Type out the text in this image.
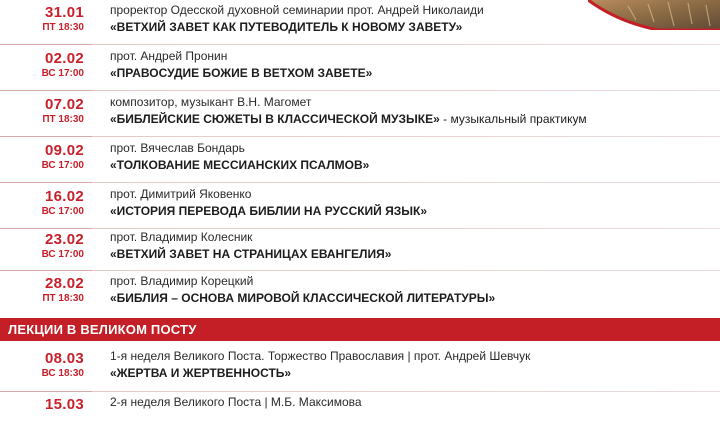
31.01
ПТ 18:30
проректор Одесской духовной семинарии прот. Андрей Николаиди
«ВЕТХИЙ ЗАВЕТ КАК ПУТЕВОДИТЕЛЬ К НОВОМУ ЗАВЕТУ»
02.02
ВС 17:00
прот. Андрей Пронин
«ПРАВОСУДИЕ БОЖИЕ В ВЕТХОМ ЗАВЕТЕ»
07.02
ПТ 18:30
композитор, музыкант В.Н. Магомет
«БИБЛЕЙСКИЕ СЮЖЕТЫ В КЛАССИЧЕСКОЙ МУЗЫКЕ» - музыкальный практикум
09.02
ВС 17:00
прот. Вячеслав Бондарь
«ТОЛКОВАНИЕ МЕССИАНСКИХ ПСАЛМОВ»
16.02
ВС 17:00
прот. Димитрий Яковенко
«ИСТОРИЯ ПЕРЕВОДА БИБЛИИ НА РУССКИЙ ЯЗЫК»
23.02
ВС 17:00
прот. Владимир Колесник
«ВЕТХИЙ ЗАВЕТ НА СТРАНИЦАХ ЕВАНГЕЛИЯ»
28.02
ПТ 18:30
прот. Владимир Корецкий
«БИБЛИЯ – ОСНОВА МИРОВОЙ КЛАССИЧЕСКОЙ ЛИТЕРАТУРЫ»
ЛЕКЦИИ В ВЕЛИКОМ ПОСТУ
08.03
ВС 18:30
1-я неделя Великого Поста. Торжество Православия | прот. Андрей Шевчук
«ЖЕРТВА И ЖЕРТВЕННОСТЬ»
15.03 2-я неделя Великого Поста | М.Б. Максимова
